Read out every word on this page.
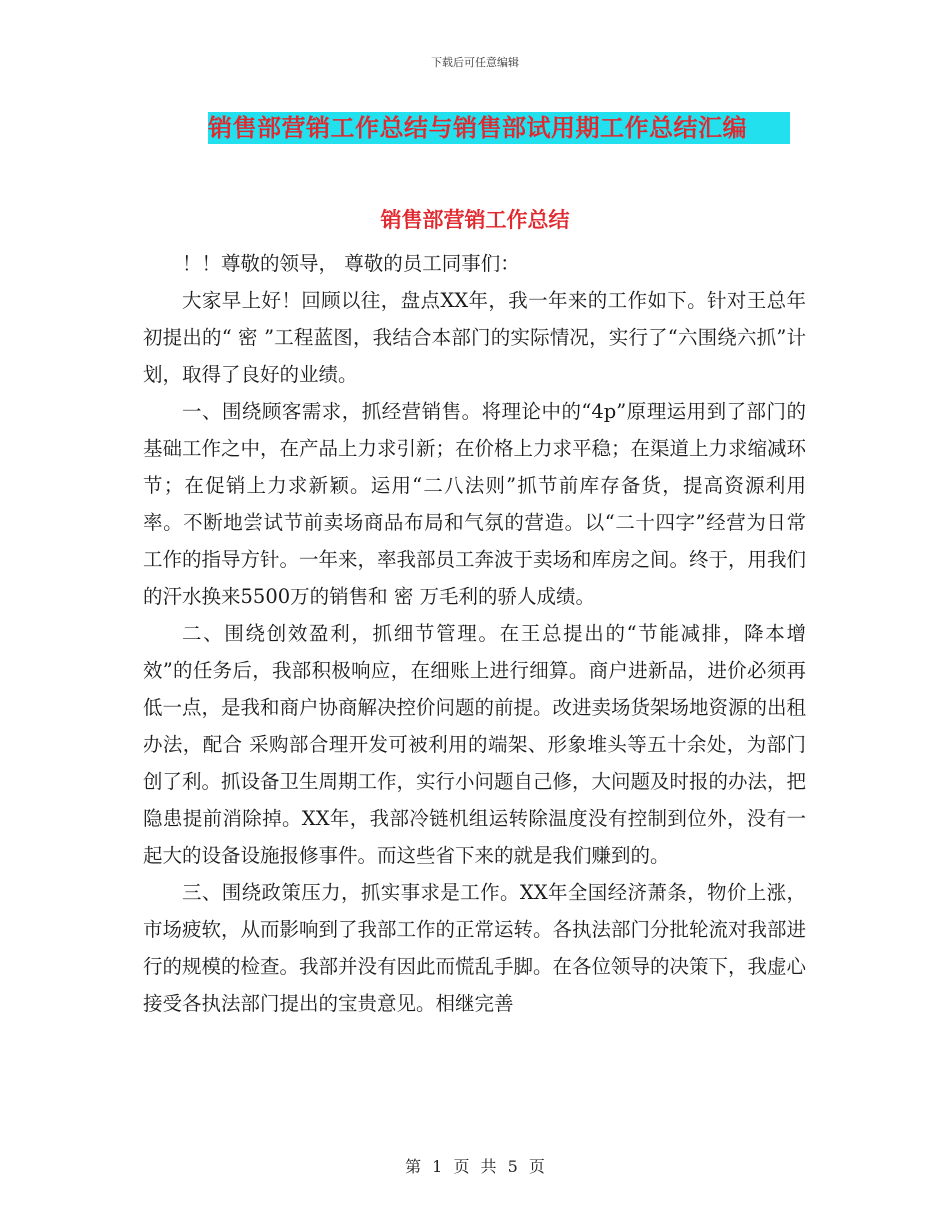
下载后可任意编辑
销售部营销工作总结与销售部试用期工作总结汇编
销售部营销工作总结

！！尊敬的领导， 尊敬的员工同事们：

大家早上好！回顾以往，盘点XX年，我一年来的工作如下。针对王总年初提出的“ 密 ”工程蓝图，我结合本部门的实际情况，实行了“六围绕六抓”计划，取得了良好的业绩。

一、围绕顾客需求，抓经营销售。将理论中的“4p”原理运用到了部门的基础工作之中，在产品上力求引新；在价格上力求平稳；在渠道上力求缩减环节；在促销上力求新颖。运用“二八法则”抓节前库存备货，提高资源利用率。不断地尝试节前卖场商品布局和气氛的营造。以“二十四字”经营为日常工作的指导方针。一年来，率我部员工奔波于卖场和库房之间。终于，用我们的汗水换来5500万的销售和 密 万毛利的骄人成绩。

二、围绕创效盈利，抓细节管理。在王总提出的“节能减排，降本增效”的任务后，我部积极响应，在细账上进行细算。商户进新品，进价必须再低一点，是我和商户协商解决控价问题的前提。改进卖场货架场地资源的出租办法，配合 采购部合理开发可被利用的端架、形象堆头等五十余处，为部门创了利。抓设备卫生周期工作，实行小问题自己修，大问题及时报的办法，把隐患提前消除掉。XX年，我部冷链机组运转除温度没有控制到位外，没有一起大的设备设施报修事件。而这些省下来的就是我们赚到的。

三、围绕政策压力，抓实事求是工作。XX年全国经济萧条，物价上涨，市场疲软，从而影响到了我部工作的正常运转。各执法部门分批轮流对我部进行的规模的检查。我部并没有因此而慌乱手脚。在各位领导的决策下，我虚心接受各执法部门提出的宝贵意见。相继完善

第 1 页 共 5 页
